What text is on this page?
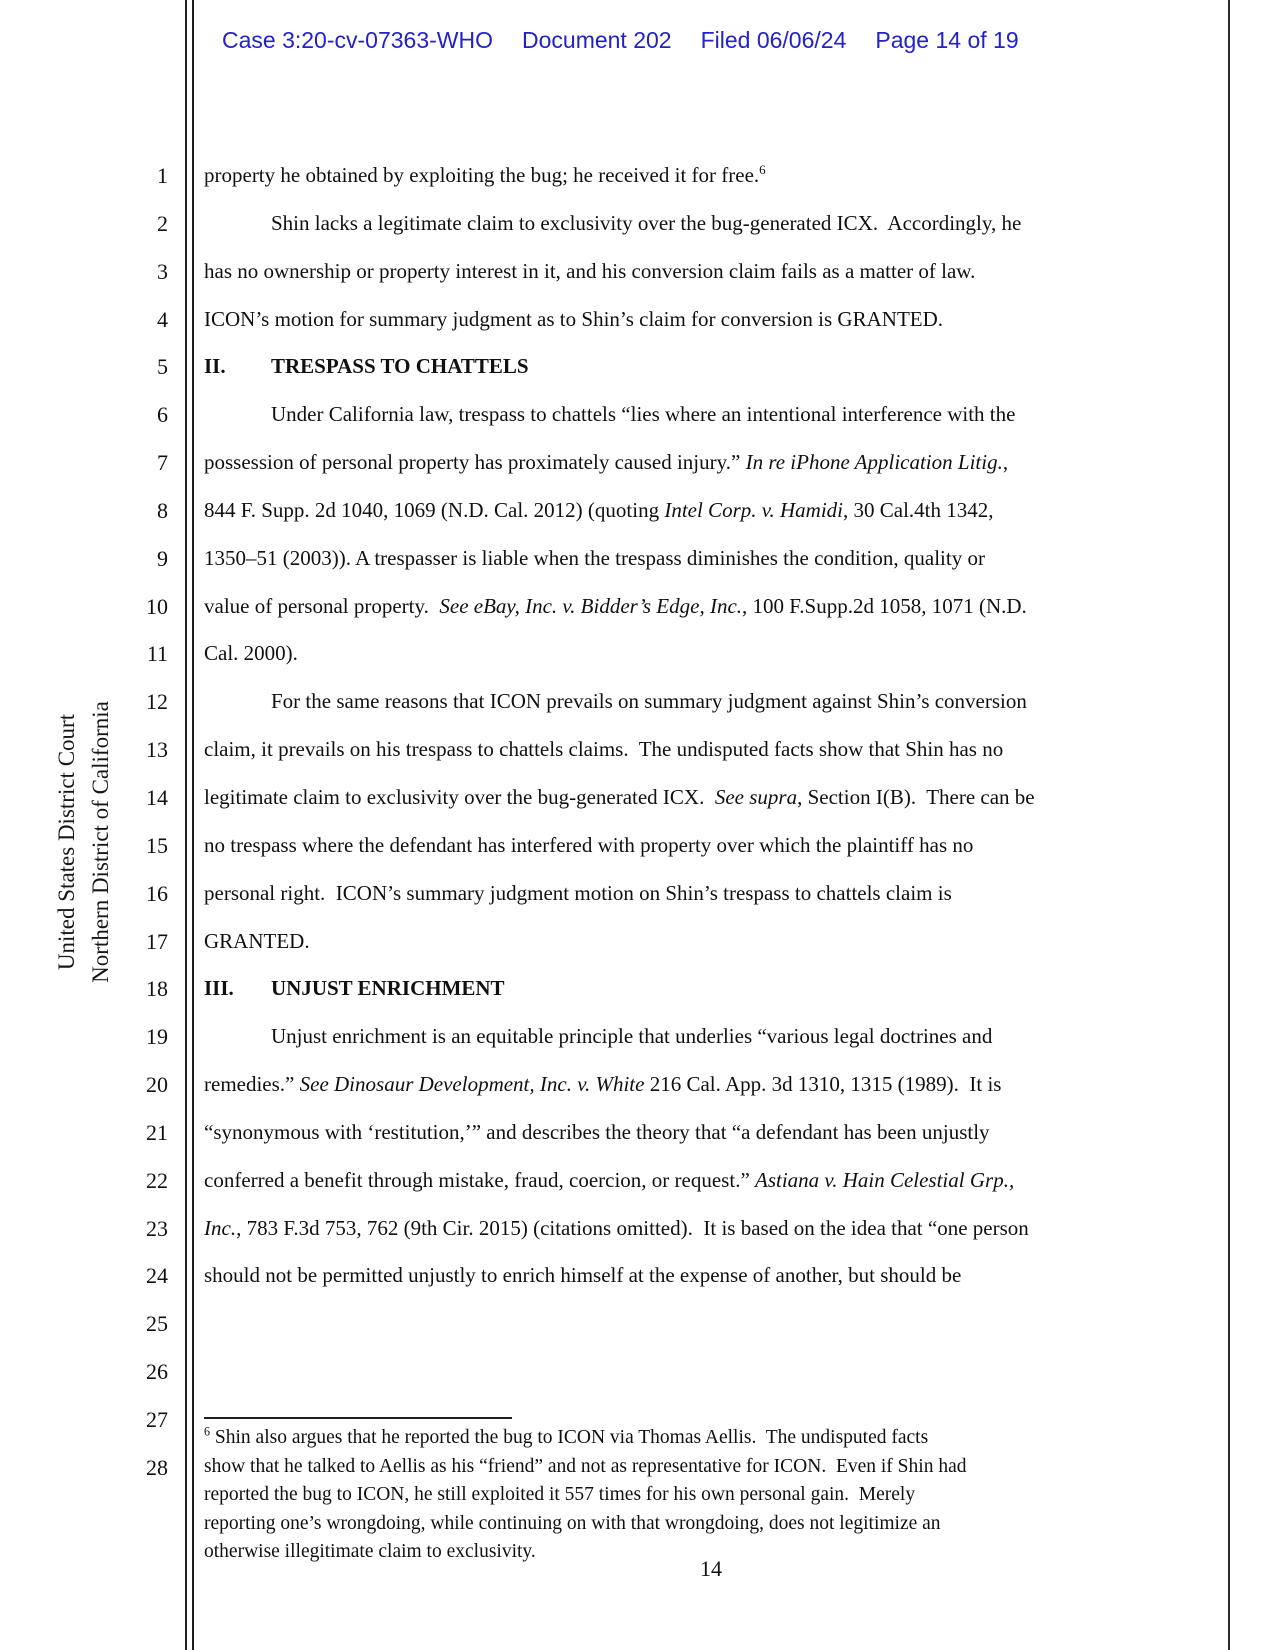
Case 3:20-cv-07363-WHO Document 202 Filed 06/06/24 Page 14 of 19
United States District Court Northern District of California
1
2
3
4
5
6
7
8
9
10
11
12
13
14
15
16
17
18
19
20
21
22
23
24
25
26
27
28
property he obtained by exploiting the bug; he received it for free.$^6$
Shin lacks a legitimate claim to exclusivity over the bug-generated ICX.  Accordingly, he
has no ownership or property interest in it, and his conversion claim fails as a matter of law.
ICON’s motion for summary judgment as to Shin’s claim for conversion is GRANTED.
II. TRESPASS TO CHATTELS
Under California law, trespass to chattels “lies where an intentional interference with the
possession of personal property has proximately caused injury.” In re iPhone Application Litig.,
844 F. Supp. 2d 1040, 1069 (N.D. Cal. 2012) (quoting Intel Corp. v. Hamidi, 30 Cal.4th 1342,
1350–51 (2003)). A trespasser is liable when the trespass diminishes the condition, quality or
value of personal property.  See eBay, Inc. v. Bidder’s Edge, Inc., 100 F.Supp.2d 1058, 1071 (N.D.
Cal. 2000).
For the same reasons that ICON prevails on summary judgment against Shin’s conversion
claim, it prevails on his trespass to chattels claims.  The undisputed facts show that Shin has no
legitimate claim to exclusivity over the bug-generated ICX.  See supra, Section I(B).  There can be
no trespass where the defendant has interfered with property over which the plaintiff has no
personal right.  ICON’s summary judgment motion on Shin’s trespass to chattels claim is
GRANTED.
III. UNJUST ENRICHMENT
Unjust enrichment is an equitable principle that underlies “various legal doctrines and
remedies.” See Dinosaur Development, Inc. v. White 216 Cal. App. 3d 1310, 1315 (1989).  It is
“synonymous with ‘restitution,’” and describes the theory that “a defendant has been unjustly
conferred a benefit through mistake, fraud, coercion, or request.” Astiana v. Hain Celestial Grp.,
Inc., 783 F.3d 753, 762 (9th Cir. 2015) (citations omitted).  It is based on the idea that “one person
should not be permitted unjustly to enrich himself at the expense of another, but should be
$^6$ Shin also argues that he reported the bug to ICON via Thomas Aellis.  The undisputed facts
show that he talked to Aellis as his “friend” and not as representative for ICON.  Even if Shin had
reported the bug to ICON, he still exploited it 557 times for his own personal gain.  Merely
reporting one’s wrongdoing, while continuing on with that wrongdoing, does not legitimize an
otherwise illegitimate claim to exclusivity.
14
